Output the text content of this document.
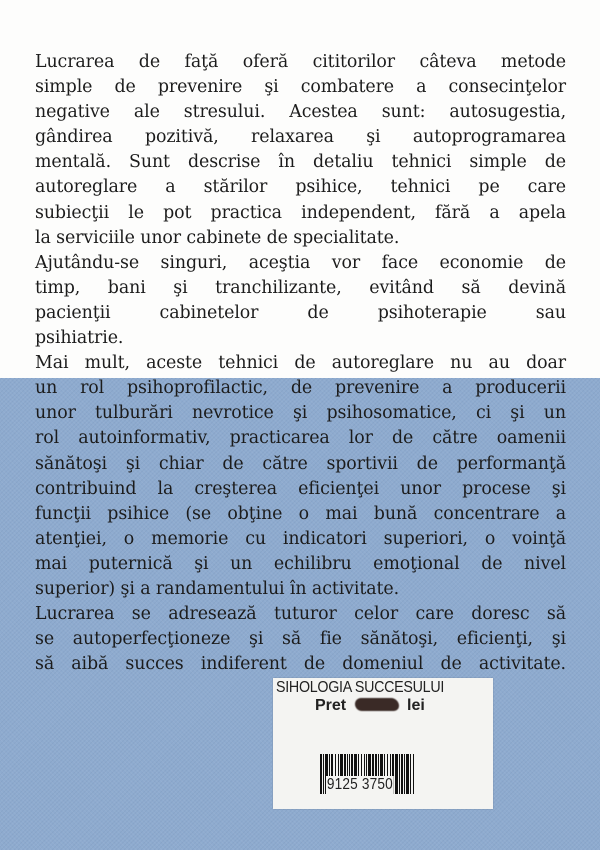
Lucrarea de faţă oferă cititorilor câteva metode
simple de prevenire şi combatere a consecinţelor
negative ale stresului. Acestea sunt: autosugestia,
gândirea pozitivă, relaxarea şi autoprogramarea
mentală. Sunt descrise în detaliu tehnici simple de
autoreglare a stărilor psihice, tehnici pe care
subiecţii le pot practica independent, fără a apela
la serviciile unor cabinete de specialitate.

Ajutându-se singuri, aceştia vor face economie de
timp, bani şi tranchilizante, evitând să devină
pacienţii cabinetelor de psihoterapie sau
psihiatrie.

Mai mult, aceste tehnici de autoreglare nu au doar
un rol psihoprofilactic, de prevenire a producerii
unor tulburări nevrotice şi psihosomatice, ci şi un
rol autoinformativ, practicarea lor de către oamenii
sănătoşi şi chiar de către sportivii de performanţă
contribuind la creşterea eficienţei unor procese şi
funcţii psihice (se obţine o mai bună concentrare a
atenţiei, o memorie cu indicatori superiori, o voinţă
mai puternică şi un echilibru emoţional de nivel
superior) şi a randamentului în activitate.

Lucrarea se adresează tuturor celor care doresc să
se autoperfecţioneze şi să fie sănătoşi, eficienţi, şi
să aibă succes indiferent de domeniul de activitate.

SIHOLOGIA SUCCESULUI
Pret	lei
9125 3750
